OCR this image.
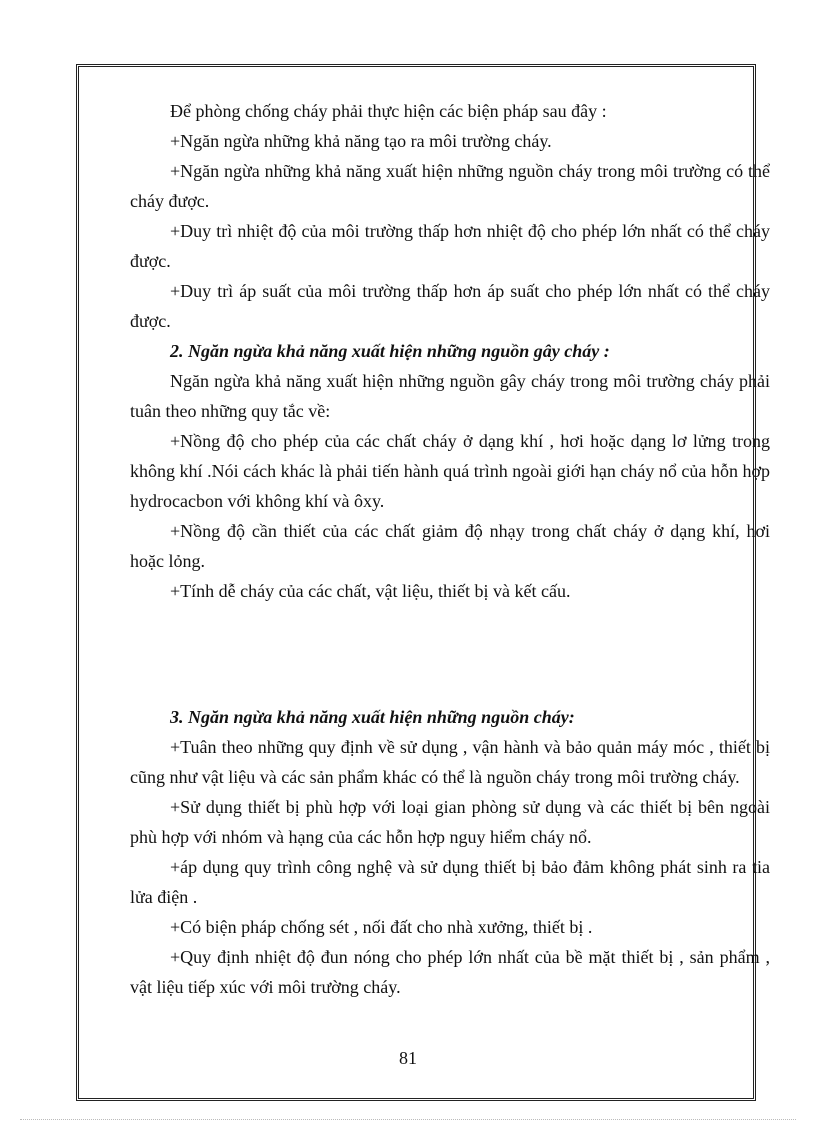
Để phòng chống cháy phải thực hiện các biện pháp sau đây :

+Ngăn ngừa những khả năng tạo ra môi trường cháy.

+Ngăn ngừa những khả năng xuất hiện những nguồn cháy trong môi trường có thể cháy được.

+Duy trì nhiệt độ của môi trường thấp hơn nhiệt độ cho phép lớn nhất có thể cháy được.

+Duy trì áp suất của môi trường thấp hơn áp suất cho phép lớn nhất có thể cháy được.

2. Ngăn ngừa khả năng xuất hiện những nguồn gây cháy :

Ngăn ngừa khả năng xuất hiện những nguồn gây cháy trong môi trường cháy phải tuân theo những quy tắc về:

+Nồng độ cho phép của các chất cháy ở dạng khí , hơi hoặc dạng lơ lửng trong không khí .Nói cách khác là phải tiến hành quá trình ngoài giới hạn cháy nổ của hỗn hợp hydrocacbon với không khí và ôxy.

+Nồng độ cần thiết của các chất giảm độ nhạy trong chất cháy ở dạng khí, hơi hoặc lỏng.

+Tính dễ cháy của các chất, vật liệu, thiết bị và kết cấu.

3. Ngăn ngừa khả năng xuất hiện những nguồn cháy:

+Tuân theo những quy định về sử dụng , vận hành và bảo quản máy móc , thiết bị cũng như vật liệu và các sản phẩm khác có thể là nguồn cháy trong môi trường cháy.

+Sử dụng thiết bị phù hợp với loại gian phòng sử dụng và các thiết bị bên ngoài phù hợp với nhóm và hạng của các hỗn hợp nguy hiểm cháy nổ.

+áp dụng quy trình công nghệ và sử dụng thiết bị bảo đảm không phát sinh ra tia lửa điện .

+Có biện pháp chống sét , nối đất cho nhà xưởng, thiết bị .

+Quy định nhiệt độ đun nóng cho phép lớn nhất của bề mặt thiết bị , sản phẩm , vật liệu tiếp xúc với môi trường cháy.

81
